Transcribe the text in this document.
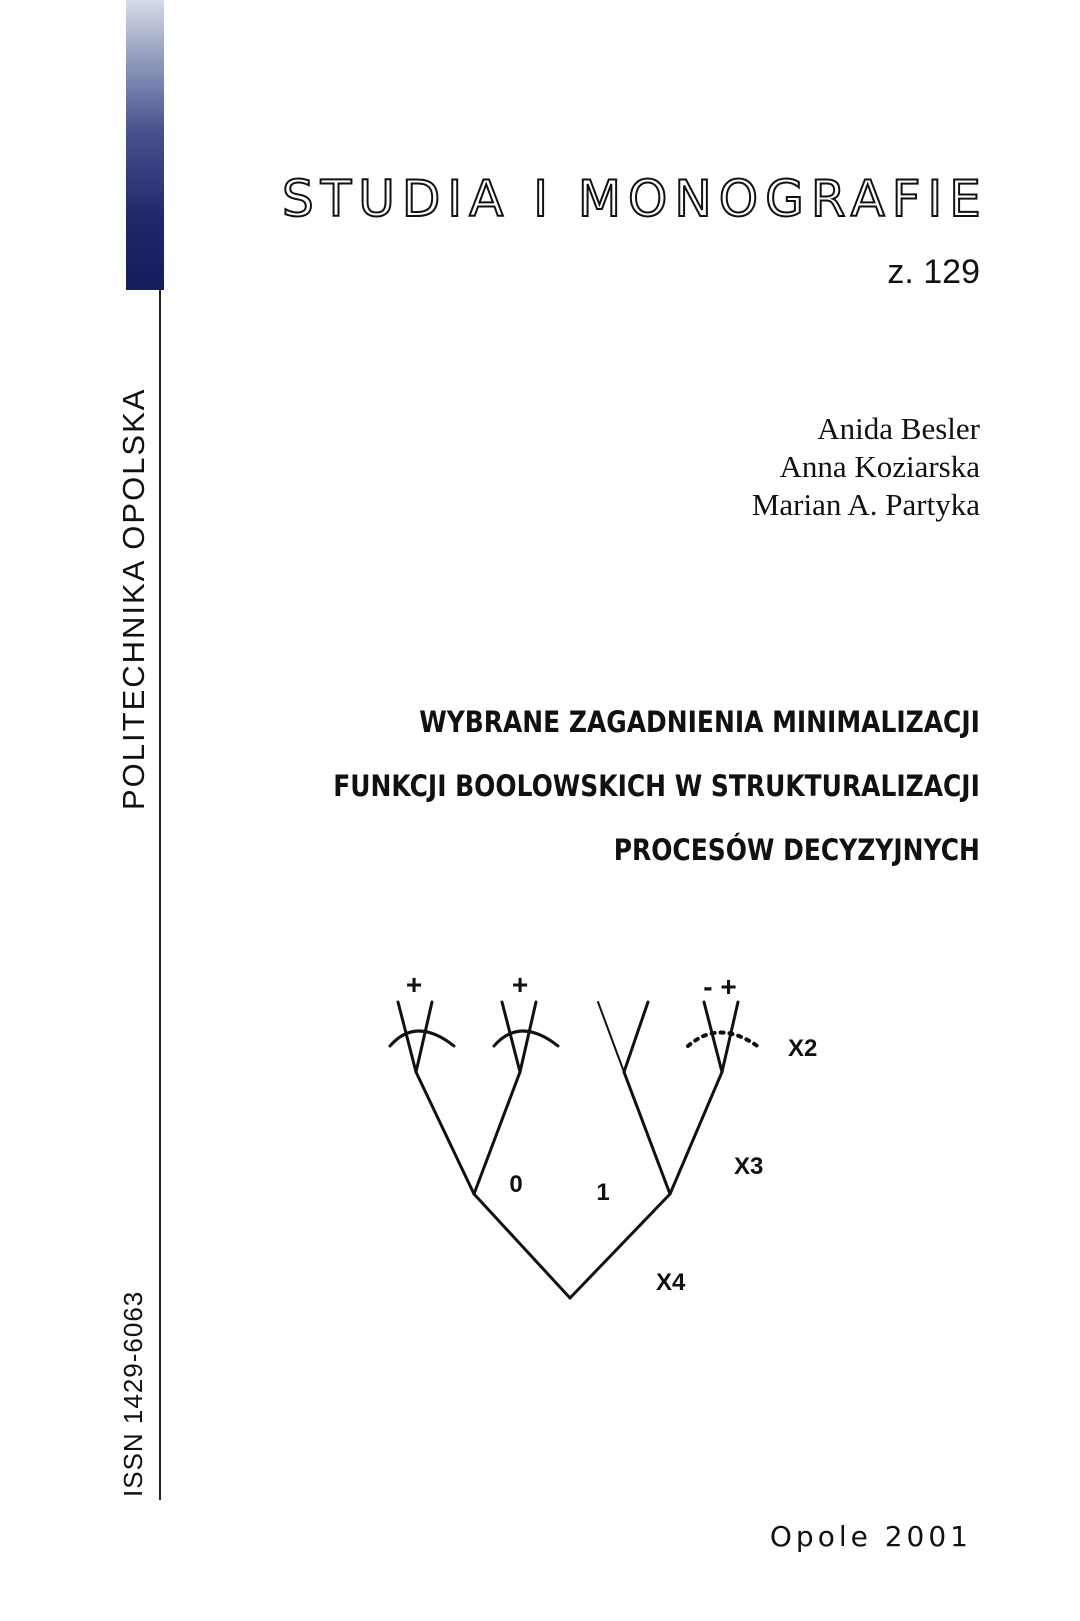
POLITECHNIKA OPOLSKA
ISSN 1429-6063
STUDIA I MONOGRAFIE
z. 129
Anida Besler
Anna Koziarska
Marian A. Partyka
WYBRANE ZAGADNIENIA MINIMALIZACJI
FUNKCJI BOOLOWSKICH W STRUKTURALIZACJI
PROCESÓW DECYZYJNYCH
+	+	- +
0	1
X2
X3
X4
Opole 2001
